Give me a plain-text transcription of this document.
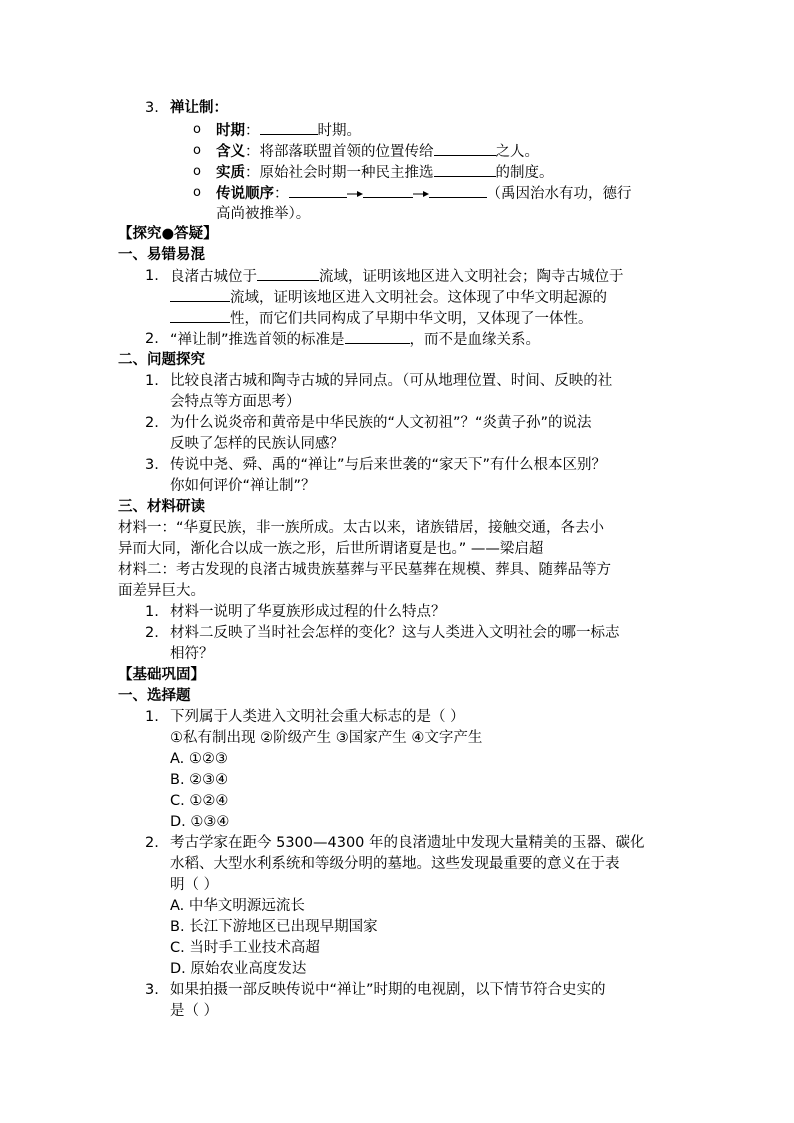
3. 禅让制：
o 时期：	时期。
o 含义：将部落联盟首领的位置传给	之人。
o 实质：原始社会时期一种民主推选	的制度。
o 传说顺序：	（禹因治水有功，德行
高尚被推举）。
【探究●答疑】
一、易错易混
1. 良渚古城位于	流域，证明该地区进入文明社会；陶寺古城位于
流域，证明该地区进入文明社会。这体现了中华文明起源的
性，而它们共同构成了早期中华文明，又体现了一体性。
2. “禅让制”推选首领的标准是	，而不是血缘关系。
二、问题探究
1. 比较良渚古城和陶寺古城的异同点。（可从地理位置、时间、反映的社
会特点等方面思考）
2. 为什么说炎帝和黄帝是中华民族的“人文初祖”？“炎黄子孙”的说法
反映了怎样的民族认同感？
3. 传说中尧、舜、禹的“禅让”与后来世袭的“家天下”有什么根本区别？
你如何评价“禅让制”？
三、材料研读
材料一：“华夏民族，非一族所成。太古以来，诸族错居，接触交通，各去小
异而大同，渐化合以成一族之形，后世所谓诸夏是也。” ——梁启超
材料二：考古发现的良渚古城贵族墓葬与平民墓葬在规模、葬具、随葬品等方
面差异巨大。
1. 材料一说明了华夏族形成过程的什么特点？
2. 材料二反映了当时社会怎样的变化？这与人类进入文明社会的哪一标志
相符？
【基础巩固】
一、选择题
1. 下列属于人类进入文明社会重大标志的是（ ）
①私有制出现 ②阶级产生 ③国家产生 ④文字产生
A. ①②③
B. ②③④
C. ①②④
D. ①③④
2. 考古学家在距今 5300—4300 年的良渚遗址中发现大量精美的玉器、碳化
水稻、大型水利系统和等级分明的墓地。这些发现最重要的意义在于表
明（ ）
A. 中华文明源远流长
B. 长江下游地区已出现早期国家
C. 当时手工业技术高超
D. 原始农业高度发达
3. 如果拍摄一部反映传说中“禅让”时期的电视剧，以下情节符合史实的
是（ ）
